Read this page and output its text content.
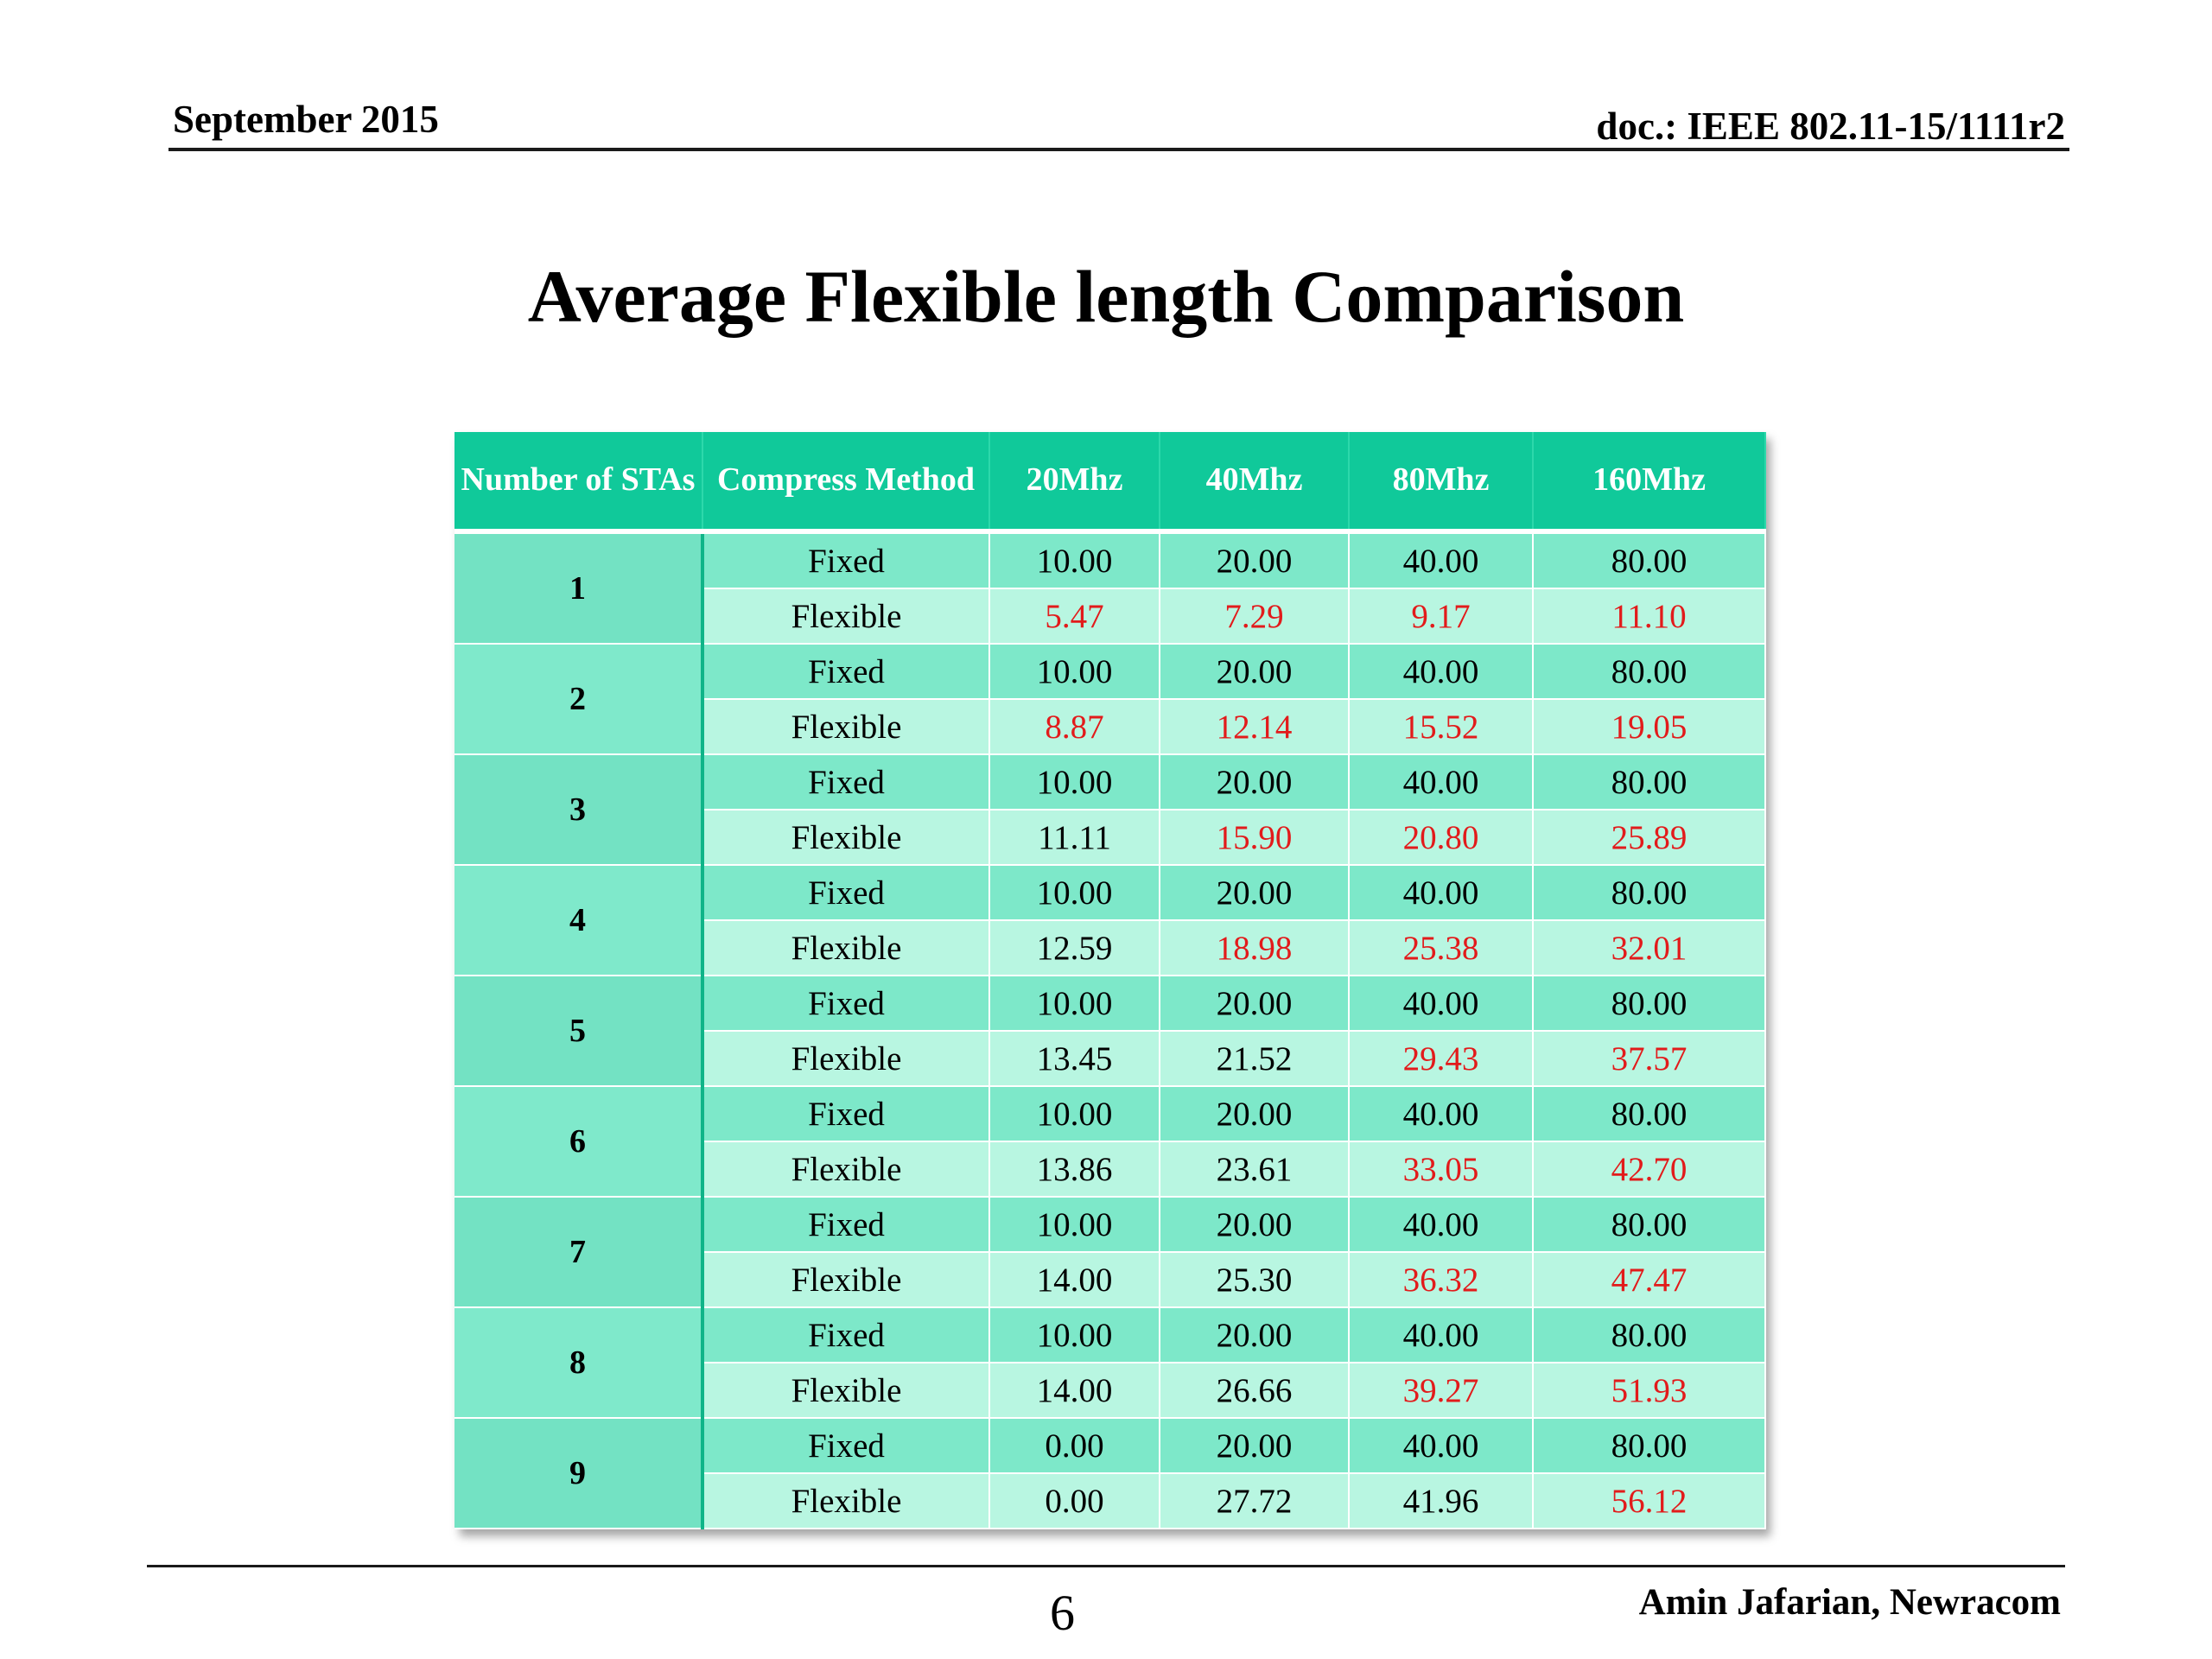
September 2015	doc.: IEEE 802.11-15/1111r2
Average Flexible length Comparison
Number of STAs	Compress Method	20Mhz	40Mhz	80Mhz	160Mhz
1	Fixed	10.00	20.00	40.00	80.00
	Flexible	5.47	7.29	9.17	11.10
2	Fixed	10.00	20.00	40.00	80.00
	Flexible	8.87	12.14	15.52	19.05
3	Fixed	10.00	20.00	40.00	80.00
	Flexible	11.11	15.90	20.80	25.89
4	Fixed	10.00	20.00	40.00	80.00
	Flexible	12.59	18.98	25.38	32.01
5	Fixed	10.00	20.00	40.00	80.00
	Flexible	13.45	21.52	29.43	37.57
6	Fixed	10.00	20.00	40.00	80.00
	Flexible	13.86	23.61	33.05	42.70
7	Fixed	10.00	20.00	40.00	80.00
	Flexible	14.00	25.30	36.32	47.47
8	Fixed	10.00	20.00	40.00	80.00
	Flexible	14.00	26.66	39.27	51.93
9	Fixed	0.00	20.00	40.00	80.00
	Flexible	0.00	27.72	41.96	56.12
6	Amin Jafarian, Newracom
